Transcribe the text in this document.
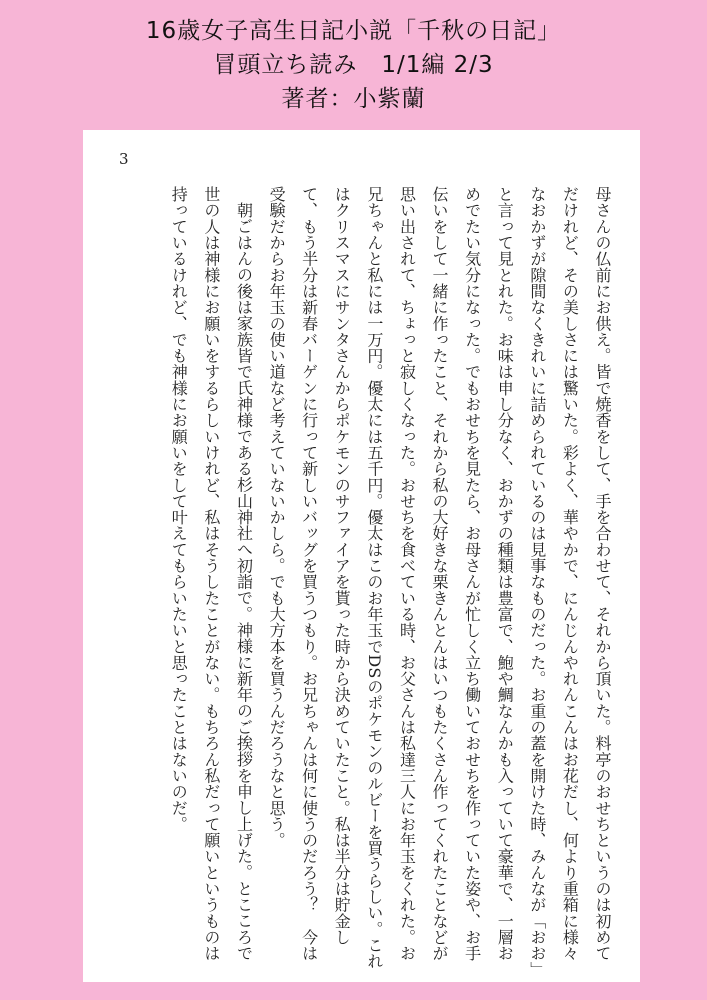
16歳女子高生日記小説「千秋の日記」
冒頭立ち読み　1/1編 2/3
著者：小紫蘭
3

母さんの仏前にお供え。皆で焼香をして、手を合わせて、それから頂いた。料亭のおせちというのは初めてだけれど、その美しさには驚いた。彩よく、華やかで、にんじんやれんこんはお花だし、何より重箱に様々なおかずが隙間なくきれいに詰められているのは見事なものだった。お重の蓋を開けた時、みんなが「おお」と言って見とれた。お味は申し分なく、おかずの種類は豊富で、鮑や鯛なんかも入っていて豪華で、一層おめでたい気分になった。でもおせちを見たら、お母さんが忙しく立ち働いておせちを作っていた姿や、お手伝いをして一緒に作ったこと、それから私の大好きな栗きんとんはいつもたくさん作ってくれたことなどが思い出されて、ちょっと寂しくなった。おせちを食べている時、お父さんは私達三人にお年玉をくれた。お兄ちゃんと私には一万円。優太には五千円。優太はこのお年玉でDSのポケモンのルビーを買うらしい。これはクリスマスにサンタさんからポケモンのサファイアを貰った時から決めていたこと。私は半分は貯金して、もう半分は新春バーゲンに行って新しいバッグを買うつもり。お兄ちゃんは何に使うのだろう？　今は受験だからお年玉の使い道など考えていないかしら。でも大方本を買うんだろうなと思う。

朝ごはんの後は家族皆で氏神様である杉山神社へ初詣で。神様に新年のご挨拶を申し上げた。とこころで世の人は神様にお願いをするらしいけれど、私はそうしたことがない。もちろん私だって願いというものは持っているけれど、でも神様にお願いをして叶えてもらいたいと思ったことはないのだ。
